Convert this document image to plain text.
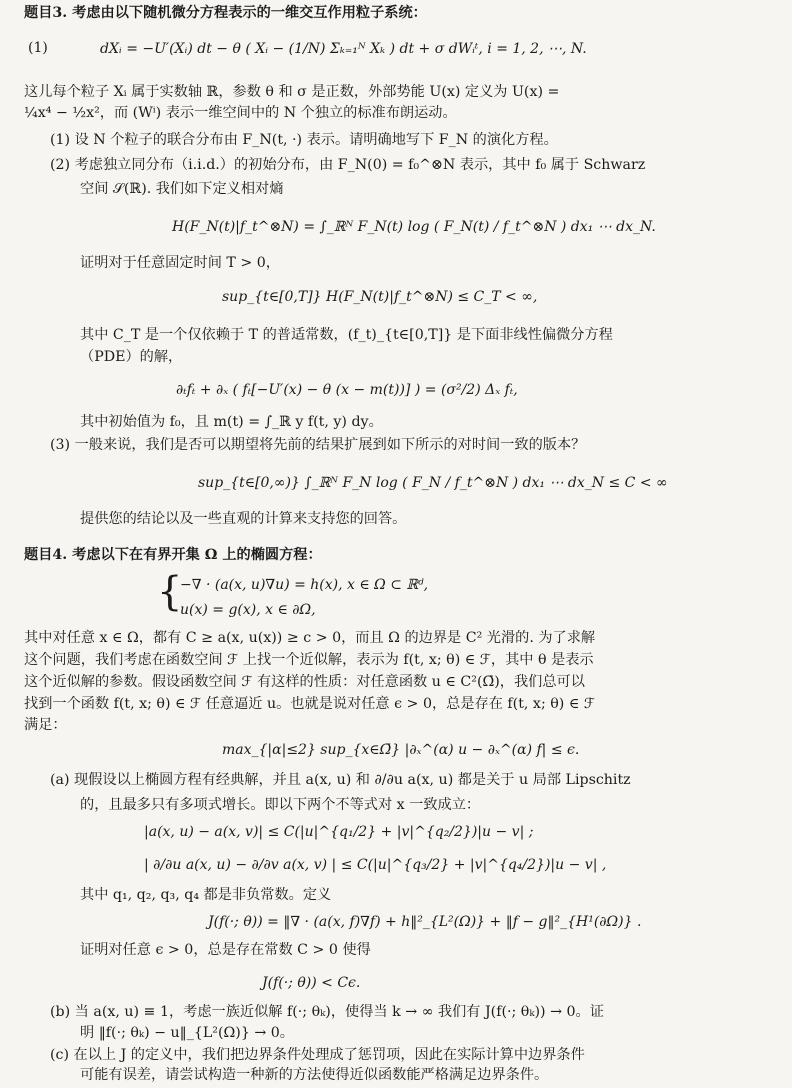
题目3. 考虑由以下随机微分方程表示的一维交互作用粒子系统：
(1)	dXᵢ = −U′(Xᵢ) dt − θ ( Xᵢ − (1/N) Σₖ₌₁ᴺ Xₖ ) dt + σ dWᵢᵗ, i = 1, 2, ⋯, N.
这儿每个粒子 Xᵢ 属于实数轴 ℝ，参数 θ 和 σ 是正数，外部势能 U(x) 定义为 U(x) =
¼x⁴ − ½x²，而 (Wⁱ) 表示一维空间中的 N 个独立的标准布朗运动。
(1) 设 N 个粒子的联合分布由 F_N(t, ·) 表示。请明确地写下 F_N 的演化方程。
(2) 考虑独立同分布（i.i.d.）的初始分布，由 F_N(0) = f₀^⊗N 表示，其中 f₀ 属于 Schwarz
空间 𝒮(ℝ). 我们如下定义相对熵
H(F_N(t)|f_t^⊗N) = ∫_ℝᴺ F_N(t) log ( F_N(t) / f_t^⊗N ) dx₁ ⋯ dx_N.
证明对于任意固定时间 T > 0，
sup_{t∈[0,T]} H(F_N(t)|f_t^⊗N) ≤ C_T < ∞,
其中 C_T 是一个仅依赖于 T 的普适常数，(f_t)_{t∈[0,T]} 是下面非线性偏微分方程
（PDE）的解，
∂ₜfₜ + ∂ₓ ( fₜ[−U′(x) − θ (x − m(t))] ) = (σ²/2) Δₓ fₜ,
其中初始值为 f₀，且 m(t) = ∫_ℝ y f(t, y) dy。
(3) 一般来说，我们是否可以期望将先前的结果扩展到如下所示的对时间一致的版本？
sup_{t∈[0,∞)} ∫_ℝᴺ F_N log ( F_N / f_t^⊗N ) dx₁ ⋯ dx_N ≤ C < ∞
提供您的结论以及一些直观的计算来支持您的回答。
题目4. 考虑以下在有界开集 Ω 上的椭圆方程：
{
−∇ · (a(x, u)∇u) = h(x), x ∈ Ω ⊂ ℝᵈ,
u(x) = g(x), x ∈ ∂Ω,
其中对任意 x ∈ Ω，都有 C ≥ a(x, u(x)) ≥ c > 0，而且 Ω 的边界是 C² 光滑的. 为了求解
这个问题，我们考虑在函数空间 ℱ 上找一个近似解，表示为 f(t, x; θ) ∈ ℱ，其中 θ 是表示
这个近似解的参数。假设函数空间 ℱ 有这样的性质：对任意函数 u ∈ C²(Ω̄)，我们总可以
找到一个函数 f(t, x; θ) ∈ ℱ 任意逼近 u。也就是说对任意 ϵ > 0，总是存在 f(t, x; θ) ∈ ℱ
满足：
max_{|α|≤2} sup_{x∈Ω̄} |∂ₓ^(α) u − ∂ₓ^(α) f| ≤ ϵ.
(a) 现假设以上椭圆方程有经典解，并且 a(x, u) 和 ∂/∂u a(x, u) 都是关于 u 局部 Lipschitz
的，且最多只有多项式增长。即以下两个不等式对 x 一致成立：
|a(x, u) − a(x, v)| ≤ C(|u|^{q₁/2} + |v|^{q₂/2})|u − v| ;
| ∂/∂u a(x, u) − ∂/∂v a(x, v) | ≤ C(|u|^{q₃/2} + |v|^{q₄/2})|u − v| ,
其中 q₁, q₂, q₃, q₄ 都是非负常数。定义
J(f(·; θ)) = ‖∇ · (a(x, f)∇f) + h‖²_{L²(Ω)} + ‖f − g‖²_{H¹(∂Ω)} .
证明对任意 ϵ > 0，总是存在常数 C > 0 使得
J(f(·; θ)) < Cϵ.
(b) 当 a(x, u) ≡ 1，考虑一族近似解 f(·; θₖ)，使得当 k → ∞ 我们有 J(f(·; θₖ)) → 0。证
明 ‖f(·; θₖ) − u‖_{L²(Ω)} → 0。
(c) 在以上 J 的定义中，我们把边界条件处理成了惩罚项，因此在实际计算中边界条件
可能有误差，请尝试构造一种新的方法使得近似函数能严格满足边界条件。
